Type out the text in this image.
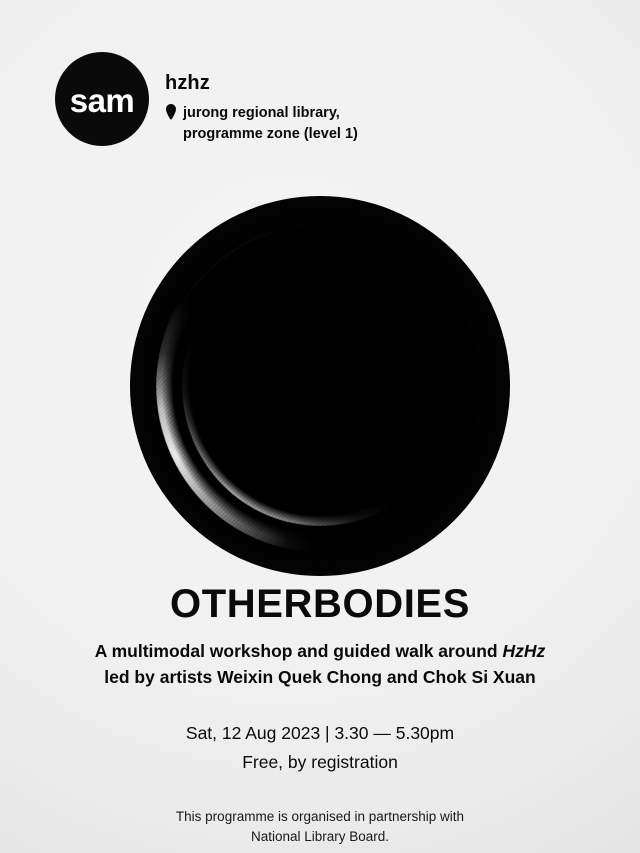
sam hzhz
jurong regional library,
programme zone (level 1)
OTHERBODIES
A multimodal workshop and guided walk around HzHz
led by artists Weixin Quek Chong and Chok Si Xuan
Sat, 12 Aug 2023 | 3.30 — 5.30pm
Free, by registration
This programme is organised in partnership with
National Library Board.
